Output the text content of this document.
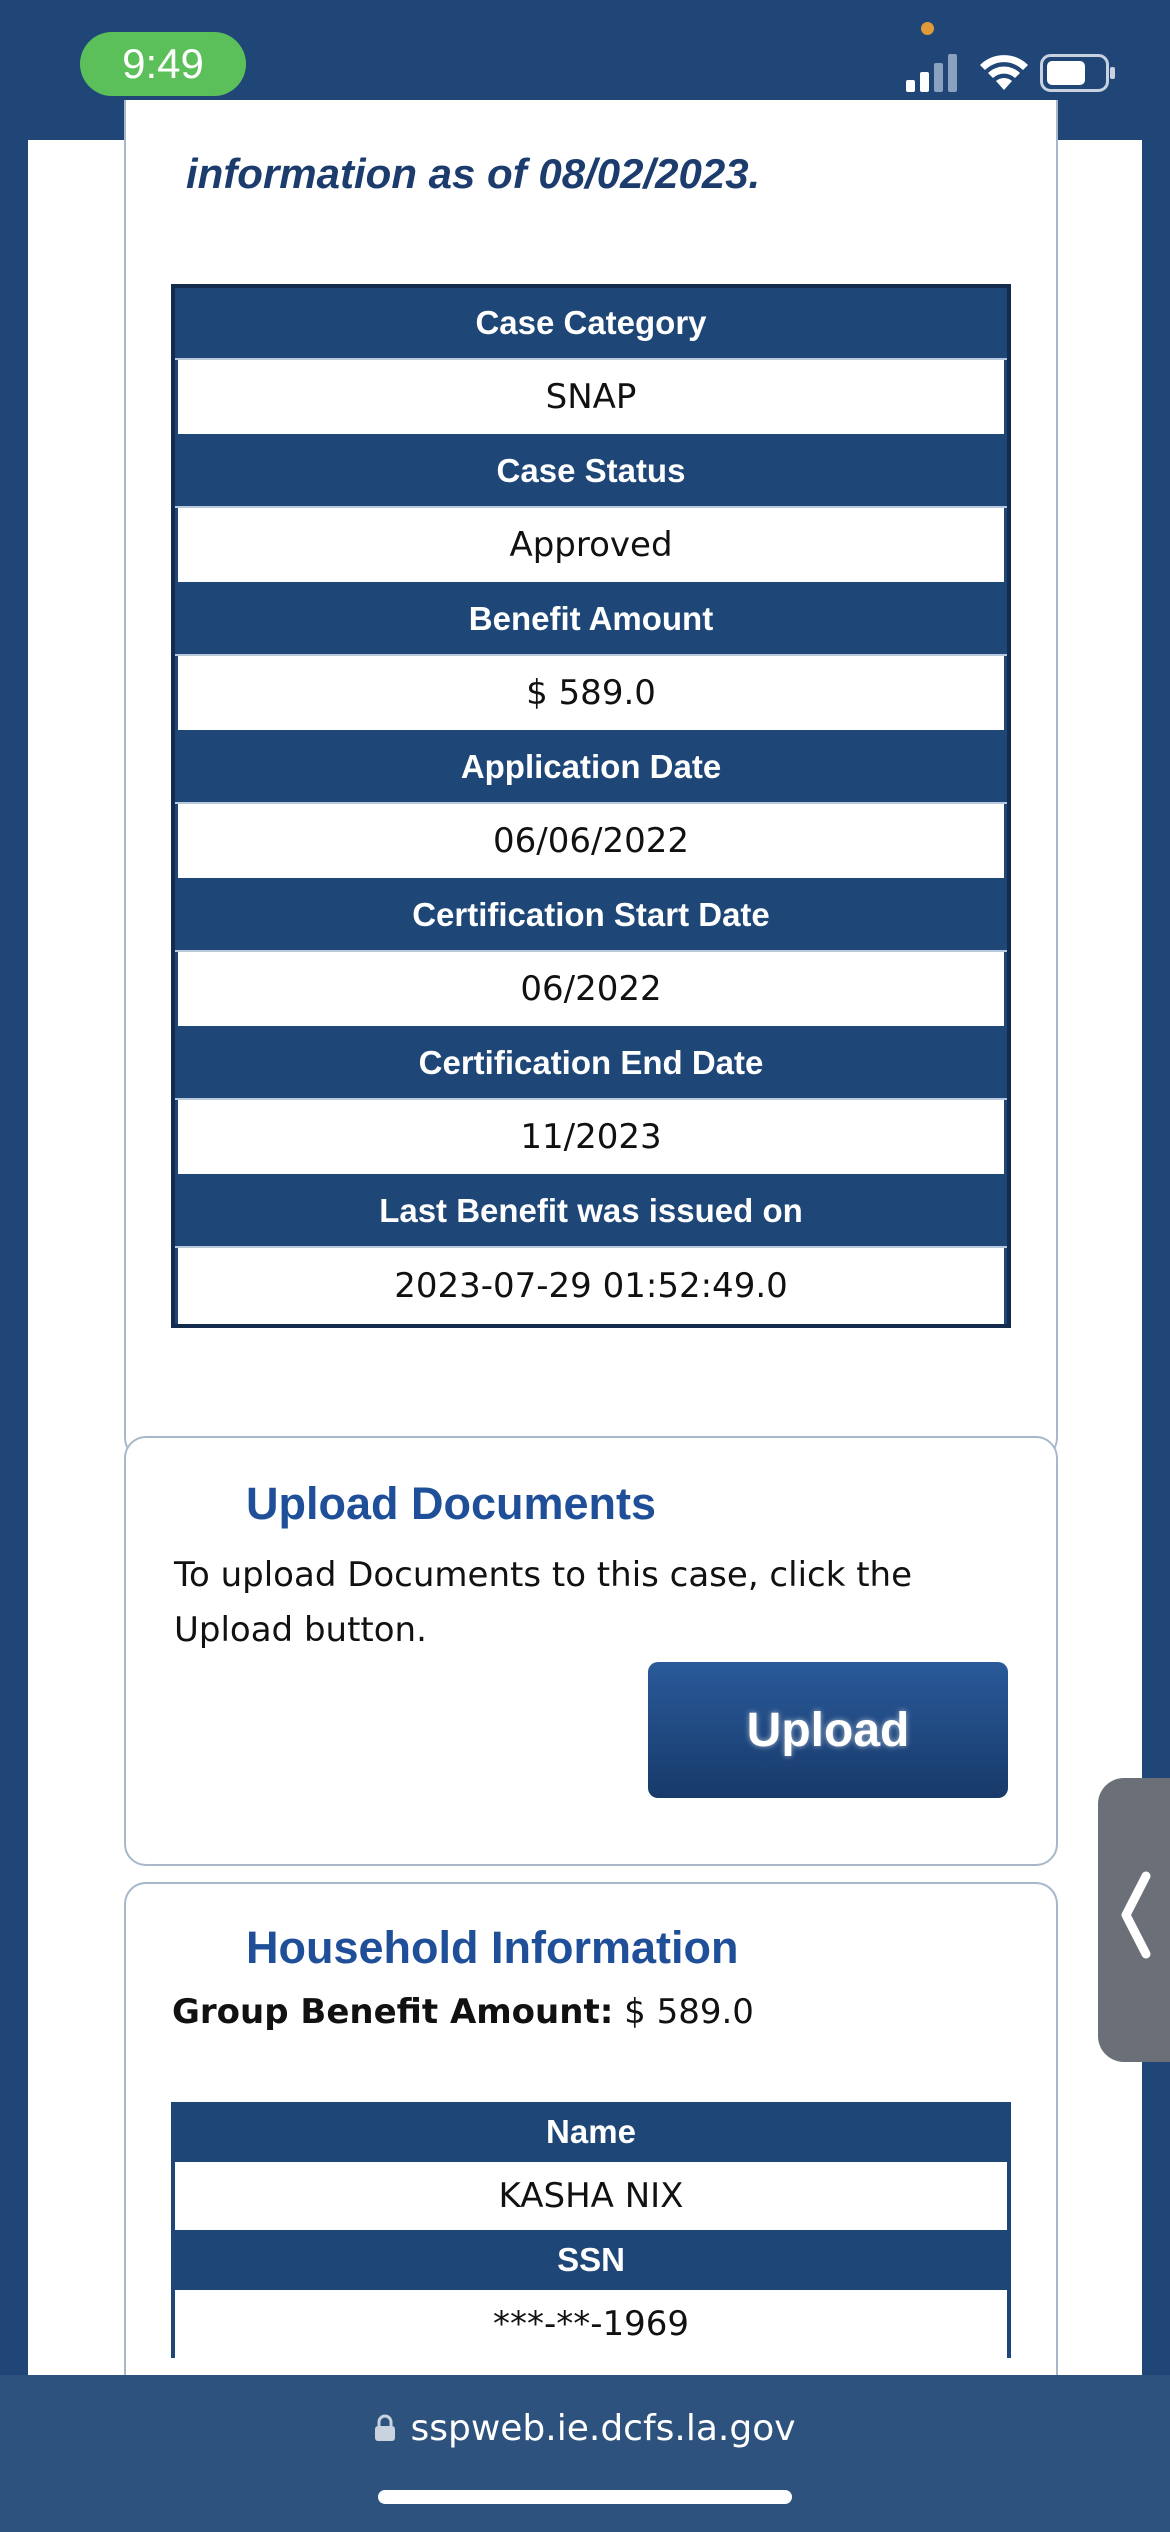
9:49
information as of 08/02/2023.
Case Category
SNAP
Case Status
Approved
Benefit Amount
$ 589.0
Application Date
06/06/2022
Certification Start Date
06/2022
Certification End Date
11/2023
Last Benefit was issued on
2023-07-29 01:52:49.0
Upload Documents
To upload Documents to this case, click the Upload button.
Upload
Household Information
Group Benefit Amount: $ 589.0
Name
KASHA NIX
SSN
***-**-1969
sspweb.ie.dcfs.la.gov
